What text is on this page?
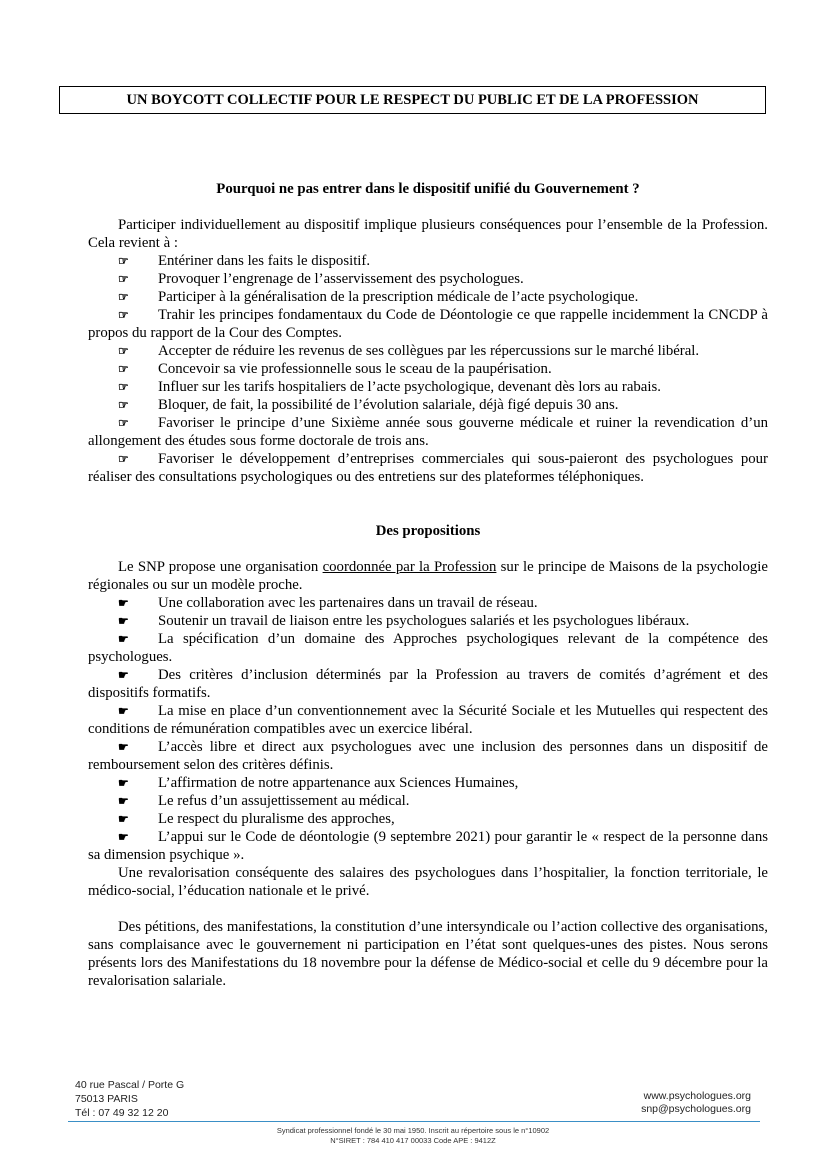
UN BOYCOTT COLLECTIF POUR LE RESPECT DU PUBLIC ET DE LA PROFESSION
Pourquoi ne pas entrer dans le dispositif unifié du Gouvernement ?

Participer individuellement au dispositif implique plusieurs conséquences pour l’ensemble de la Profession. Cela revient à :

☞ Entériner dans les faits le dispositif.
☞ Provoquer l’engrenage de l’asservissement des psychologues.
☞ Participer à la généralisation de la prescription médicale de l’acte psychologique.
☞ Trahir les principes fondamentaux du Code de Déontologie ce que rappelle incidemment la CNCDP à propos du rapport de la Cour des Comptes.
☞ Accepter de réduire les revenus de ses collègues par les répercussions sur le marché libéral.
☞ Concevoir sa vie professionnelle sous le sceau de la paupérisation.
☞ Influer sur les tarifs hospitaliers de l’acte psychologique, devenant dès lors au rabais.
☞ Bloquer, de fait, la possibilité de l’évolution salariale, déjà figé depuis 30 ans.
☞ Favoriser le principe d’une Sixième année sous gouverne médicale et ruiner la revendication d’un allongement des études sous forme doctorale de trois ans.
☞ Favoriser le développement d’entreprises commerciales qui sous-paieront des psychologues pour réaliser des consultations psychologiques ou des entretiens sur des plateformes téléphoniques.
Des propositions

Le SNP propose une organisation coordonnée par la Profession sur le principe de Maisons de la psychologie régionales ou sur un modèle proche.

☛ Une collaboration avec les partenaires dans un travail de réseau.
☛ Soutenir un travail de liaison entre les psychologues salariés et les psychologues libéraux.
☛ La spécification d’un domaine des Approches psychologiques relevant de la compétence des psychologues.
☛ Des critères d’inclusion déterminés par la Profession au travers de comités d’agrément et des dispositifs formatifs.
☛ La mise en place d’un conventionnement avec la Sécurité Sociale et les Mutuelles qui respectent des conditions de rémunération compatibles avec un exercice libéral.
☛ L’accès libre et direct aux psychologues avec une inclusion des personnes dans un dispositif de remboursement selon des critères définis.
☛ L’affirmation de notre appartenance aux Sciences Humaines,
☛ Le refus d’un assujettissement au médical.
☛ Le respect du pluralisme des approches,
☛ L’appui sur le Code de déontologie (9 septembre 2021) pour garantir le « respect de la personne dans sa dimension psychique ».

Une revalorisation conséquente des salaires des psychologues dans l’hospitalier, la fonction territoriale, le médico-social, l’éducation nationale et le privé.

Des pétitions, des manifestations, la constitution d’une intersyndicale ou l’action collective des organisations, sans complaisance avec le gouvernement ni participation en l’état sont quelques-unes des pistes. Nous serons présents lors des Manifestations du 18 novembre pour la défense de Médico-social et celle du 9 décembre pour la revalorisation salariale.

40 rue Pascal / Porte G
75013 PARIS
Tél : 07 49 32 12 20
www.psychologues.org
snp@psychologues.org
Syndicat professionnel fondé le 30 mai 1950. Inscrit au répertoire sous le n°10902
N°SIRET : 784 410 417 00033 Code APE : 9412Z
